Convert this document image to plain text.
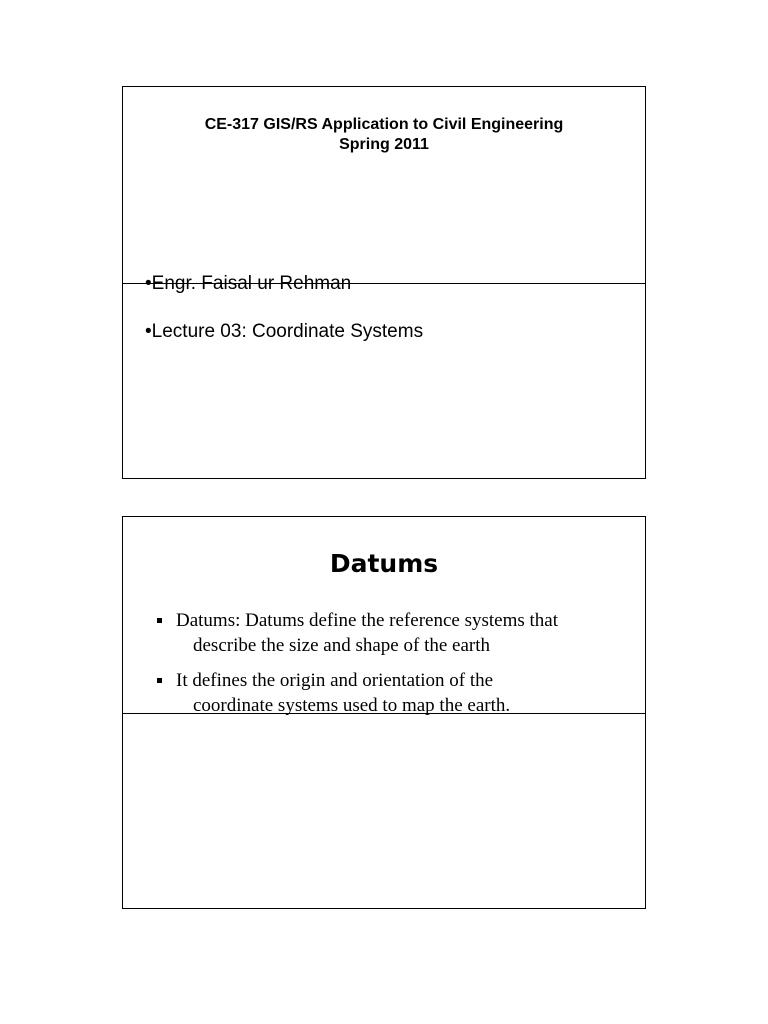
CE-317 GIS/RS Application to Civil Engineering
Spring 2011
•Engr. Faisal ur Rehman
•Lecture 03: Coordinate Systems
Datums
Datums: Datums define the reference systems that
describe the size and shape of the earth
It defines the origin and orientation of the
coordinate systems used to map the earth.
